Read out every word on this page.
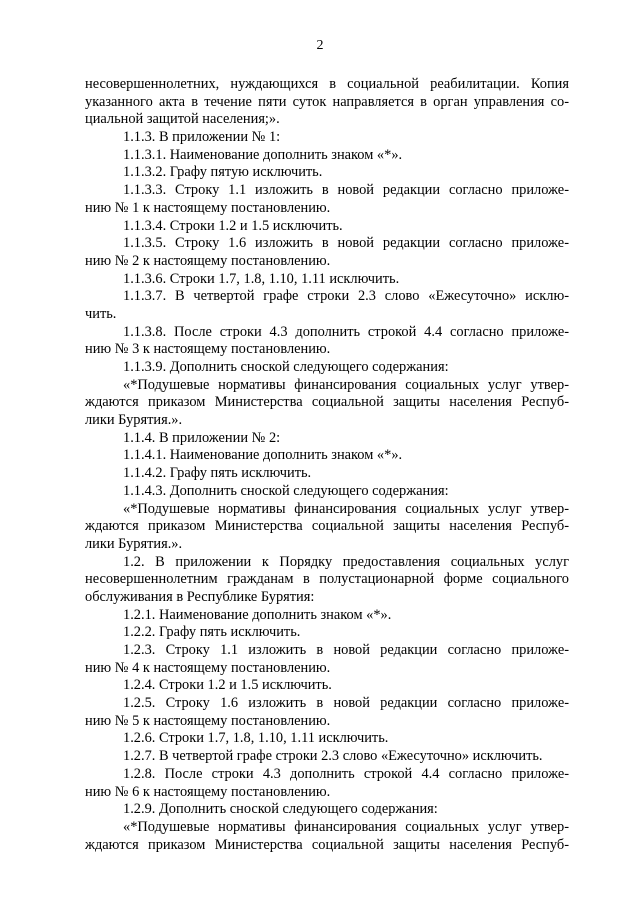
2
несовершеннолетних, нуждающихся в социальной реабилитации. Копия
указанного акта в течение пяти суток направляется в орган управления со-
циальной защитой населения;».
1.1.3. В приложении № 1:
1.1.3.1. Наименование дополнить знаком «*».
1.1.3.2. Графу пятую исключить.
1.1.3.3. Строку 1.1 изложить в новой редакции согласно приложе-
нию № 1 к настоящему постановлению.
1.1.3.4. Строки 1.2 и 1.5 исключить.
1.1.3.5. Строку 1.6 изложить в новой редакции согласно приложе-
нию № 2 к настоящему постановлению.
1.1.3.6. Строки 1.7, 1.8, 1.10, 1.11 исключить.
1.1.3.7. В четвертой графе строки 2.3 слово «Ежесуточно» исклю-
чить.
1.1.3.8. После строки 4.3 дополнить строкой 4.4 согласно приложе-
нию № 3 к настоящему постановлению.
1.1.3.9. Дополнить сноской следующего содержания:
«*Подушевые нормативы финансирования социальных услуг утвер-
ждаются приказом Министерства социальной защиты населения Респуб-
лики Бурятия.».
1.1.4. В приложении № 2:
1.1.4.1. Наименование дополнить знаком «*».
1.1.4.2. Графу пять исключить.
1.1.4.3. Дополнить сноской следующего содержания:
«*Подушевые нормативы финансирования социальных услуг утвер-
ждаются приказом Министерства социальной защиты населения Респуб-
лики Бурятия.».
1.2. В приложении к Порядку предоставления социальных услуг
несовершеннолетним гражданам в полустационарной форме социального
обслуживания в Республике Бурятия:
1.2.1. Наименование дополнить знаком «*».
1.2.2. Графу пять исключить.
1.2.3. Строку 1.1 изложить в новой редакции согласно приложе-
нию № 4 к настоящему постановлению.
1.2.4. Строки 1.2 и 1.5 исключить.
1.2.5. Строку 1.6 изложить в новой редакции согласно приложе-
нию № 5 к настоящему постановлению.
1.2.6. Строки 1.7, 1.8, 1.10, 1.11 исключить.
1.2.7. В четвертой графе строки 2.3 слово «Ежесуточно» исключить.
1.2.8. После строки 4.3 дополнить строкой 4.4 согласно приложе-
нию № 6 к настоящему постановлению.
1.2.9. Дополнить сноской следующего содержания:
«*Подушевые нормативы финансирования социальных услуг утвер-
ждаются приказом Министерства социальной защиты населения Респуб-
